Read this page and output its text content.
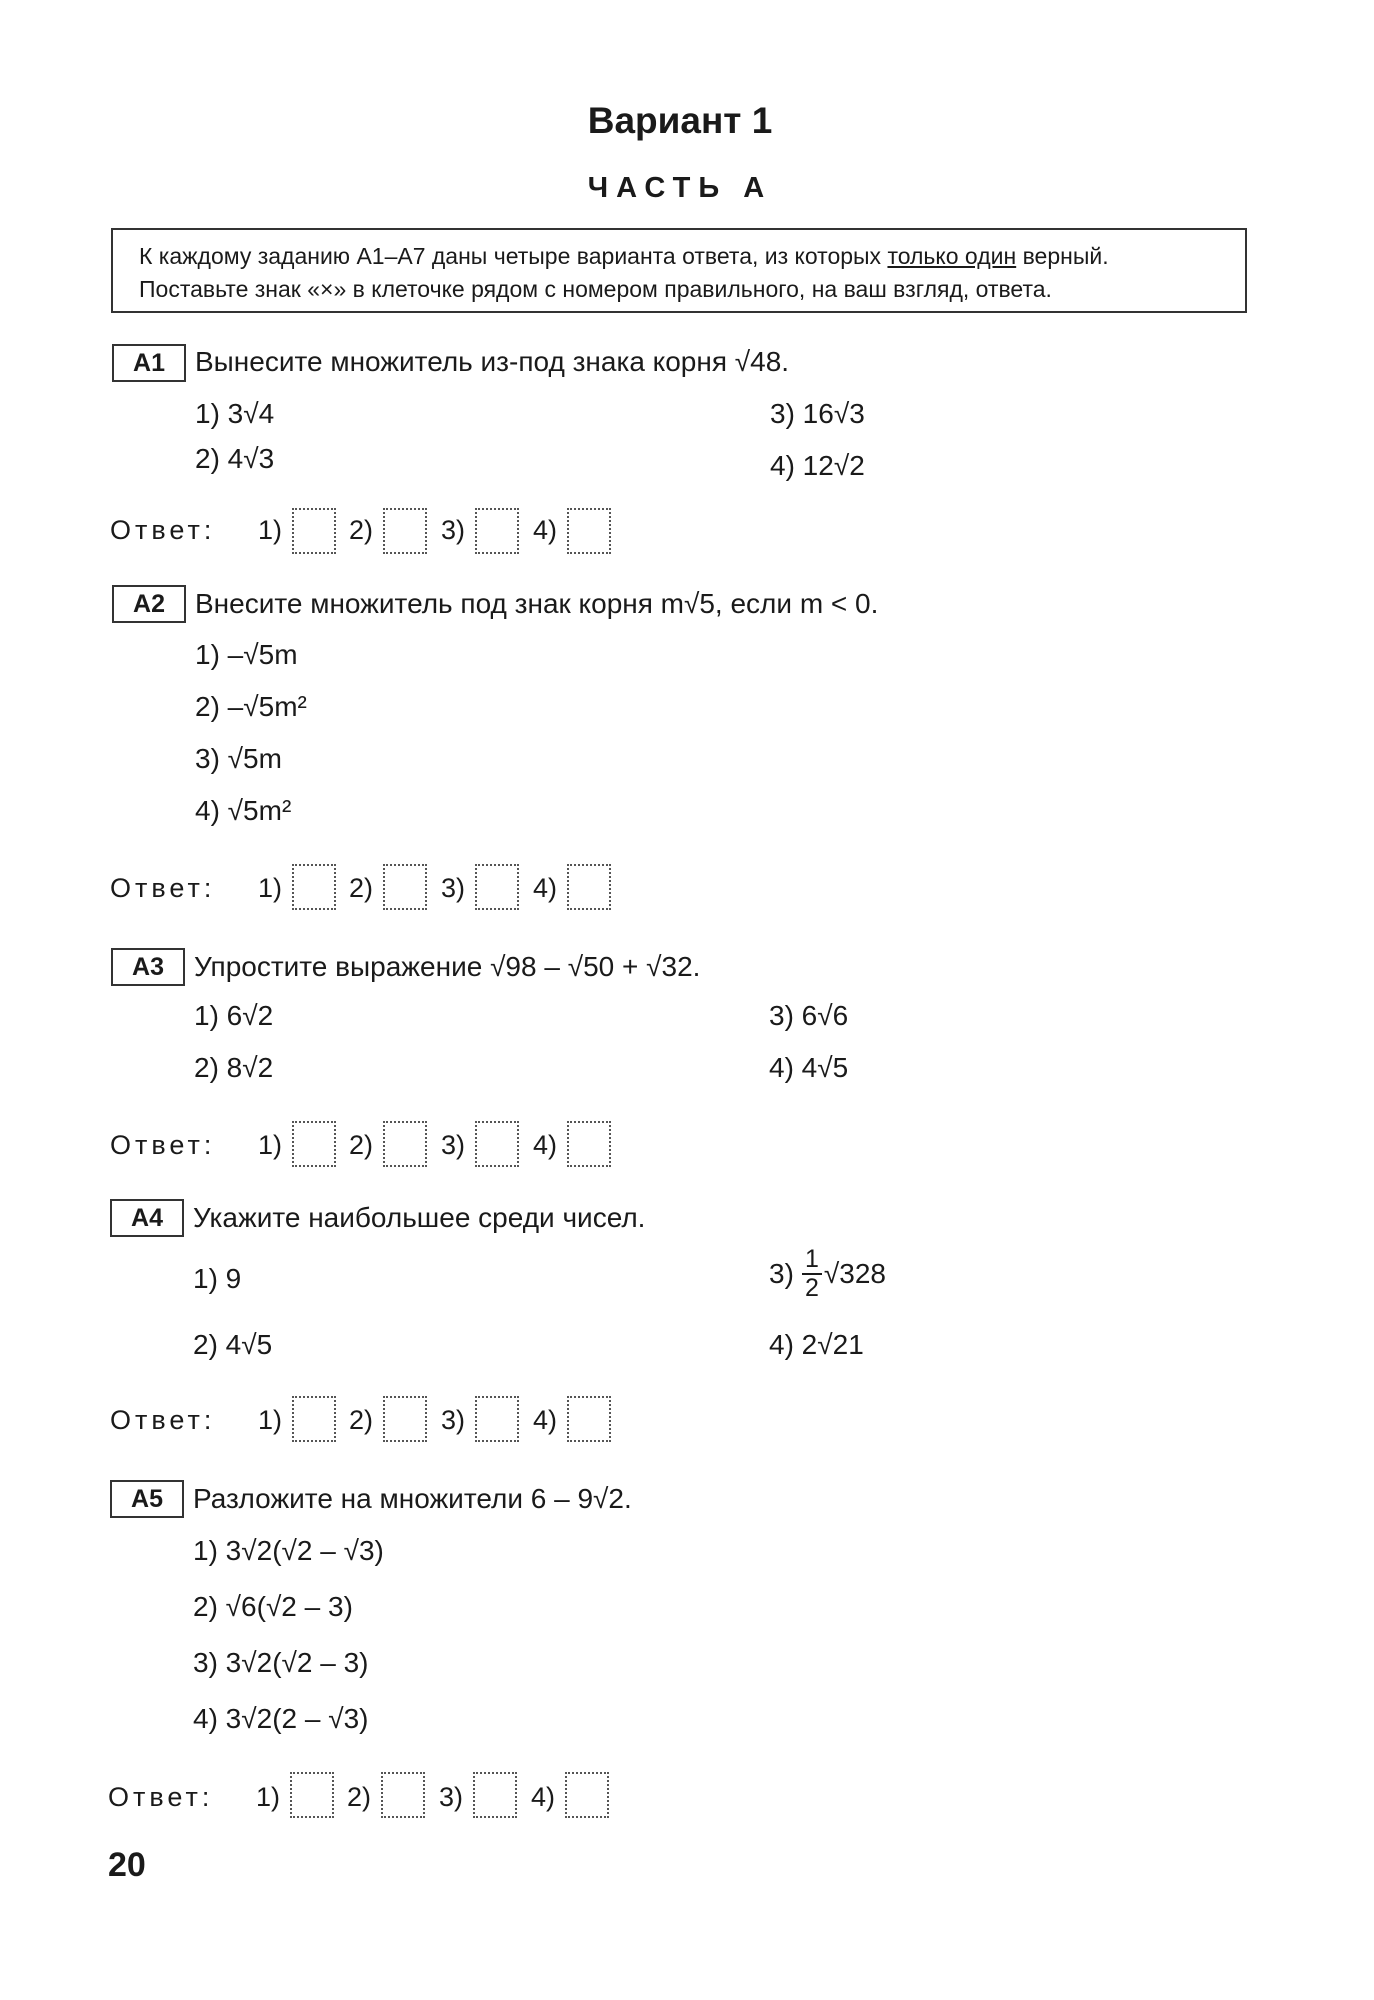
Вариант 1
ЧАСТЬ А
К каждому заданию А1–А7 даны четыре варианта ответа, из которых только один верный.
Поставьте знак «×» в клеточке рядом с номером правильного, на ваш взгляд, ответа.
А1	Вынесите множитель из-под знака корня √48.
1) 3√4
2) 4√3
3) 16√3
4) 12√2
Ответ: 1) 2)	3)	4)
А2	Внесите множитель под знак корня m√5, если m < 0.
1) –√5m
2) –√5m²
3) √5m
4) √5m²
Ответ: 1) 2)	3)	4)
А3	Упростите выражение √98 – √50 + √32.
1) 6√2
2) 8√2
3) 6√6
4) 4√5
Ответ: 1) 2)	3)	4)
А4	Укажите наибольшее среди чисел.
1) 9
2) 4√5
$3) \frac{1}{2} √328$
4) 2√21
Ответ: 1) 2)	3)	4)
А5	Разложите на множители 6 – 9√2.
1) 3√2(√2 – √3)
2) √6(√2 – 3)
3) 3√2(√2 – 3)
4) 3√2(2 – √3)
Ответ: 1) 2)	3)	4)
20
